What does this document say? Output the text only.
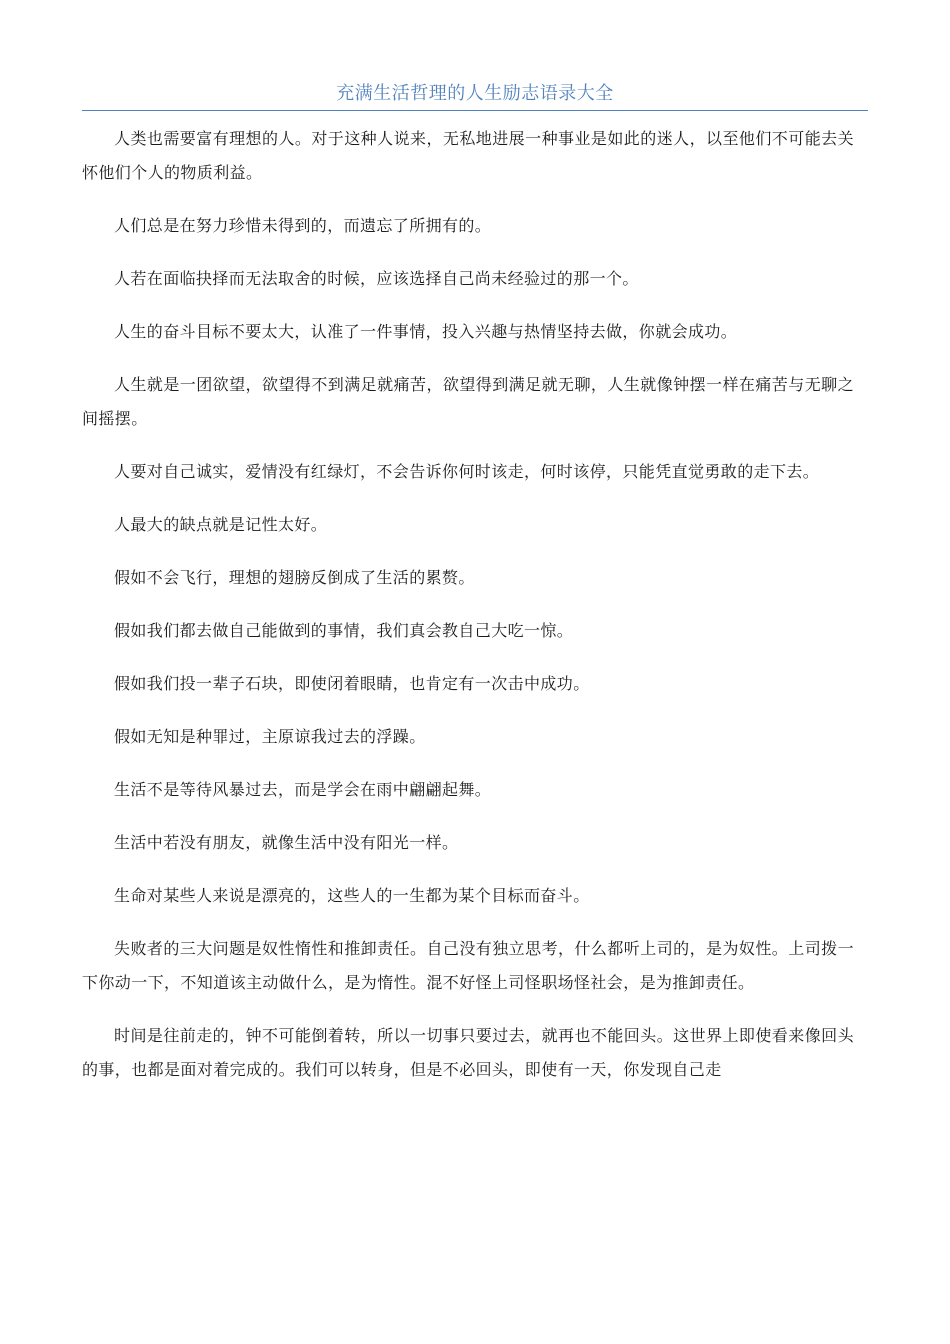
充满生活哲理的人生励志语录大全

人类也需要富有理想的人。对于这种人说来，无私地进展一种事业是如此的迷人，以至他们不可能去关怀他们个人的物质利益。

人们总是在努力珍惜未得到的，而遗忘了所拥有的。

人若在面临抉择而无法取舍的时候，应该选择自己尚未经验过的那一个。

人生的奋斗目标不要太大，认准了一件事情，投入兴趣与热情坚持去做，你就会成功。

人生就是一团欲望，欲望得不到满足就痛苦，欲望得到满足就无聊，人生就像钟摆一样在痛苦与无聊之间摇摆。

人要对自己诚实，爱情没有红绿灯，不会告诉你何时该走，何时该停，只能凭直觉勇敢的走下去。

人最大的缺点就是记性太好。

假如不会飞行，理想的翅膀反倒成了生活的累赘。

假如我们都去做自己能做到的事情，我们真会教自己大吃一惊。

假如我们投一辈子石块，即使闭着眼睛，也肯定有一次击中成功。

假如无知是种罪过，主原谅我过去的浮躁。

生活不是等待风暴过去，而是学会在雨中翩翩起舞。

生活中若没有朋友，就像生活中没有阳光一样。

生命对某些人来说是漂亮的，这些人的一生都为某个目标而奋斗。

失败者的三大问题是奴性惰性和推卸责任。自己没有独立思考，什么都听上司的，是为奴性。上司拨一下你动一下，不知道该主动做什么，是为惰性。混不好怪上司怪职场怪社会，是为推卸责任。

时间是往前走的，钟不可能倒着转，所以一切事只要过去，就再也不能回头。这世界上即使看来像回头的事，也都是面对着完成的。我们可以转身，但是不必回头，即使有一天，你发现自己走
